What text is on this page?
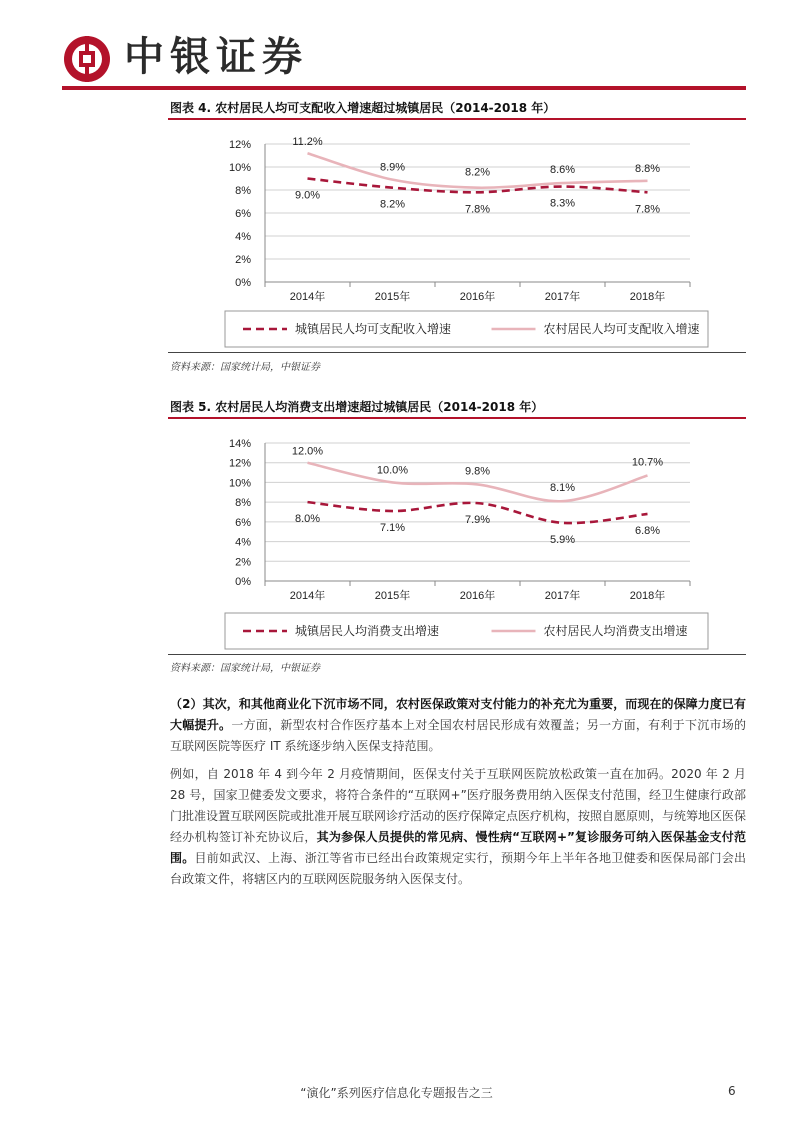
中银证券
图表 4. 农村居民人均可支配收入增速超过城镇居民（2014-2018 年）
0%
2%
4%
6%
8%
10%
12%
2014年	2015年	2016年	2017年	2018年
9.0%
8.2%	7.8%	8.3%	7.8%
11.2%
8.9%	8.2%	8.6%	8.8%
城镇居民人均可支配收入增速	农村居民人均可支配收入增速
资料来源：国家统计局，中银证券
图表 5. 农村居民人均消费支出增速超过城镇居民（2014-2018 年）
0%
2%
4%
6%
8%
10%
12%
14%
2014年	2015年	2016年	2017年	2018年
8.0%
7.1%
7.9%
5.9%
6.8%
12.0%
10.0%	9.8%
8.1%
10.7%
城镇居民人均消费支出增速	农村居民人均消费支出增速
资料来源：国家统计局，中银证券
（2）其次，和其他商业化下沉市场不同，农村医保政策对支付能力的补充尤为重要，而现在的保障力度已有大幅提升。一方面，新型农村合作医疗基本上对全国农村居民形成有效覆盖；另一方面，有利于下沉市场的互联网医院等医疗 IT 系统逐步纳入医保支持范围。
例如，自 2018 年 4 到今年 2 月疫情期间，医保支付关于互联网医院放松政策一直在加码。2020 年 2 月 28 号，国家卫健委发文要求，将符合条件的“互联网+”医疗服务费用纳入医保支付范围，经卫生健康行政部门批准设置互联网医院或批准开展互联网诊疗活动的医疗保障定点医疗机构，按照自愿原则，与统筹地区医保经办机构签订补充协议后，其为参保人员提供的常见病、慢性病“互联网+”复诊服务可纳入医保基金支付范围。目前如武汉、上海、浙江等省市已经出台政策规定实行，预期今年上半年各地卫健委和医保局部门会出台政策文件，将辖区内的互联网医院服务纳入医保支付。
“演化”系列医疗信息化专题报告之三	6
